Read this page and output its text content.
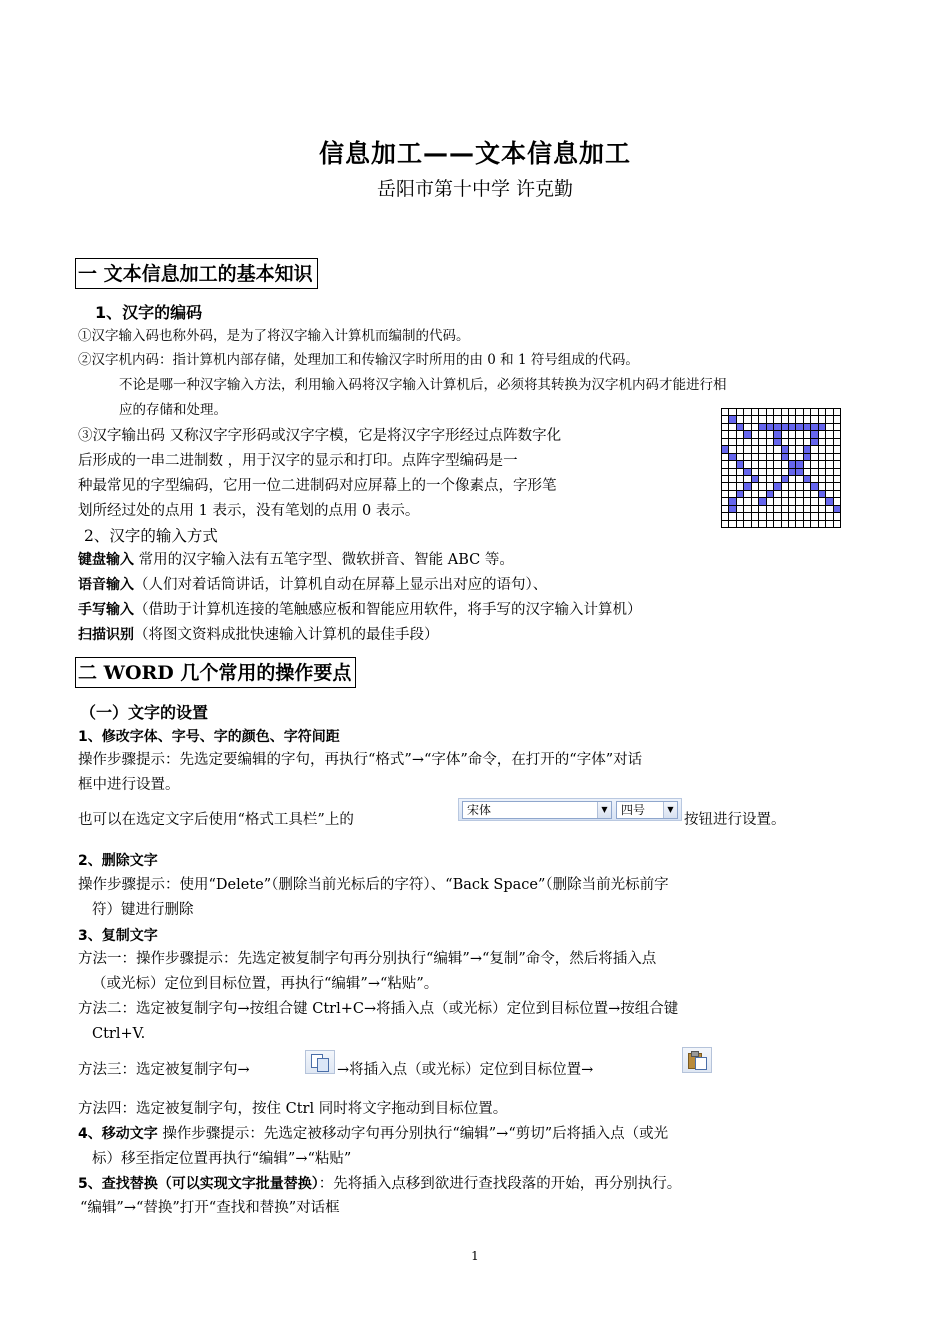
信息加工——文本信息加工
岳阳市第十中学 许克勤
一 文本信息加工的基本知识
1、汉字的编码
①汉字输入码也称外码，是为了将汉字输入计算机而编制的代码。
②汉字机内码：指计算机内部存储，处理加工和传输汉字时所用的由 0 和 1 符号组成的代码。
不论是哪一种汉字输入方法，利用输入码将汉字输入计算机后，必须将其转换为汉字机内码才能进行相
应的存储和处理。
③汉字输出码 又称汉字字形码或汉字字模，它是将汉字字形经过点阵数字化
后形成的一串二进制数 ，用于汉字的显示和打印。点阵字型编码是一
种最常见的字型编码，它用一位二进制码对应屏幕上的一个像素点，字形笔
划所经过处的点用 1 表示，没有笔划的点用 0 表示。
2、汉字的输入方式
键盘输入 常用的汉字输入法有五笔字型、微软拼音、智能 ABC 等。
语音输入（人们对着话筒讲话，计算机自动在屏幕上显示出对应的语句）、
手写输入（借助于计算机连接的笔触感应板和智能应用软件，将手写的汉字输入计算机）
扫描识别（将图文资料成批快速输入计算机的最佳手段）
二 WORD 几个常用的操作要点
（一）文字的设置
1、修改字体、字号、字的颜色、字符间距
操作步骤提示：先选定要编辑的字句，再执行“格式”→“字体”命令，在打开的“字体”对话
框中进行设置。
也可以在选定文字后使用“格式工具栏”上的
宋体	▼	四号	▼
按钮进行设置。
2、删除文字
操作步骤提示：使用“Delete”（删除当前光标后的字符）、“Back Space”（删除当前光标前字
符）键进行删除
3、复制文字
方法一：操作步骤提示：先选定被复制字句再分别执行“编辑”→“复制”命令，然后将插入点
（或光标）定位到目标位置，再执行“编辑”→“粘贴”。
方法二：选定被复制字句→按组合键 Ctrl+C→将插入点（或光标）定位到目标位置→按组合键
Ctrl+V.
方法三：选定被复制字句→	→将插入点（或光标）定位到目标位置→
方法四：选定被复制字句，按住 Ctrl 同时将文字拖动到目标位置。
4、移动文字 操作步骤提示：先选定被移动字句再分别执行“编辑”→“剪切”后将插入点（或光
标）移至指定位置再执行“编辑”→“粘贴”
5、查找替换（可以实现文字批量替换）：先将插入点移到欲进行查找段落的开始，再分别执行。
“编辑”→“替换”打开“查找和替换”对话框
1
